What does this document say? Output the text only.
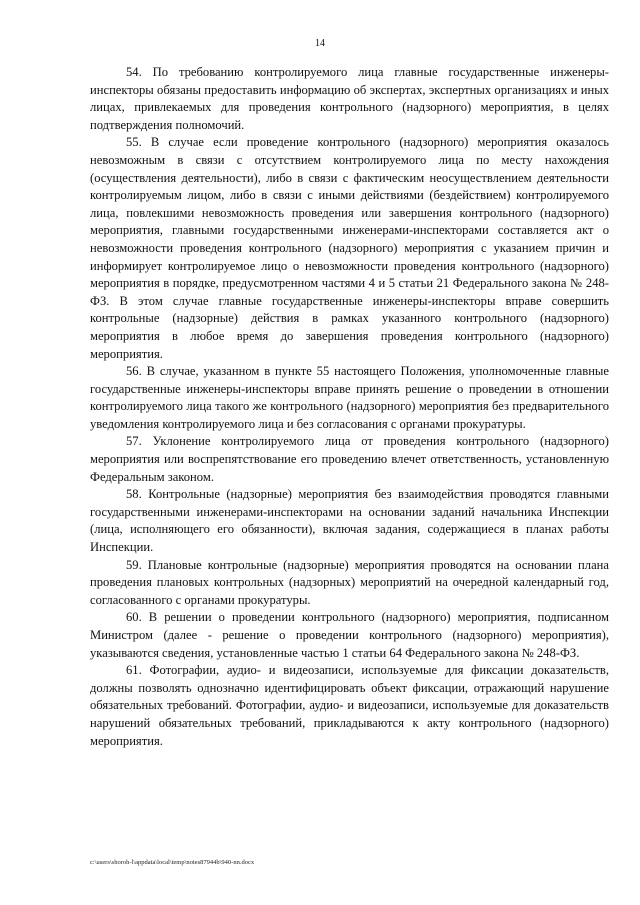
14

54. По требованию контролируемого лица главные государственные инженеры-инспекторы обязаны предоставить информацию об экспертах, экспертных организациях и иных лицах, привлекаемых для проведения контрольного (надзорного) мероприятия, в целях подтверждения полномочий.

55. В случае если проведение контрольного (надзорного) мероприятия оказалось невозможным в связи с отсутствием контролируемого лица по месту нахождения (осуществления деятельности), либо в связи с фактическим неосуществлением деятельности контролируемым лицом, либо в связи с иными действиями (бездействием) контролируемого лица, повлекшими невозможность проведения или завершения контрольного (надзорного) мероприятия, главными государственными инженерами-инспекторами составляется акт о невозможности проведения контрольного (надзорного) мероприятия с указанием причин и информирует контролируемое лицо о невозможности проведения контрольного (надзорного) мероприятия в порядке, предусмотренном частями 4 и 5 статьи 21 Федерального закона № 248-ФЗ. В этом случае главные государственные инженеры-инспекторы вправе совершить контрольные (надзорные) действия в рамках указанного контрольного (надзорного) мероприятия в любое время до завершения проведения контрольного (надзорного) мероприятия.

56. В случае, указанном в пункте 55 настоящего Положения, уполномоченные главные государственные инженеры-инспекторы вправе принять решение о проведении в отношении контролируемого лица такого же контрольного (надзорного) мероприятия без предварительного уведомления контролируемого лица и без согласования с органами прокуратуры.

57. Уклонение контролируемого лица от проведения контрольного (надзорного) мероприятия или воспрепятствование его проведению влечет ответственность, установленную Федеральным законом.

58. Контрольные (надзорные) мероприятия без взаимодействия проводятся главными государственными инженерами-инспекторами на основании заданий начальника Инспекции (лица, исполняющего его обязанности), включая задания, содержащиеся в планах работы Инспекции.

59. Плановые контрольные (надзорные) мероприятия проводятся на основании плана проведения плановых контрольных (надзорных) мероприятий на очередной календарный год, согласованного с органами прокуратуры.

60. В решении о проведении контрольного (надзорного) мероприятия, подписанном Министром (далее - решение о проведении контрольного (надзорного) мероприятия), указываются сведения, установленные частью 1 статьи 64 Федерального закона № 248-ФЗ.

61. Фотографии, аудио- и видеозаписи, используемые для фиксации доказательств, должны позволять однозначно идентифицировать объект фиксации, отражающий нарушение обязательных требований. Фотографии, аудио- и видеозаписи, используемые для доказательств нарушений обязательных требований, прикладываются к акту контрольного (надзорного) мероприятия.

c:\users\shoroh-l\appdata\local\temp\notes87944b\940-nn.docx
